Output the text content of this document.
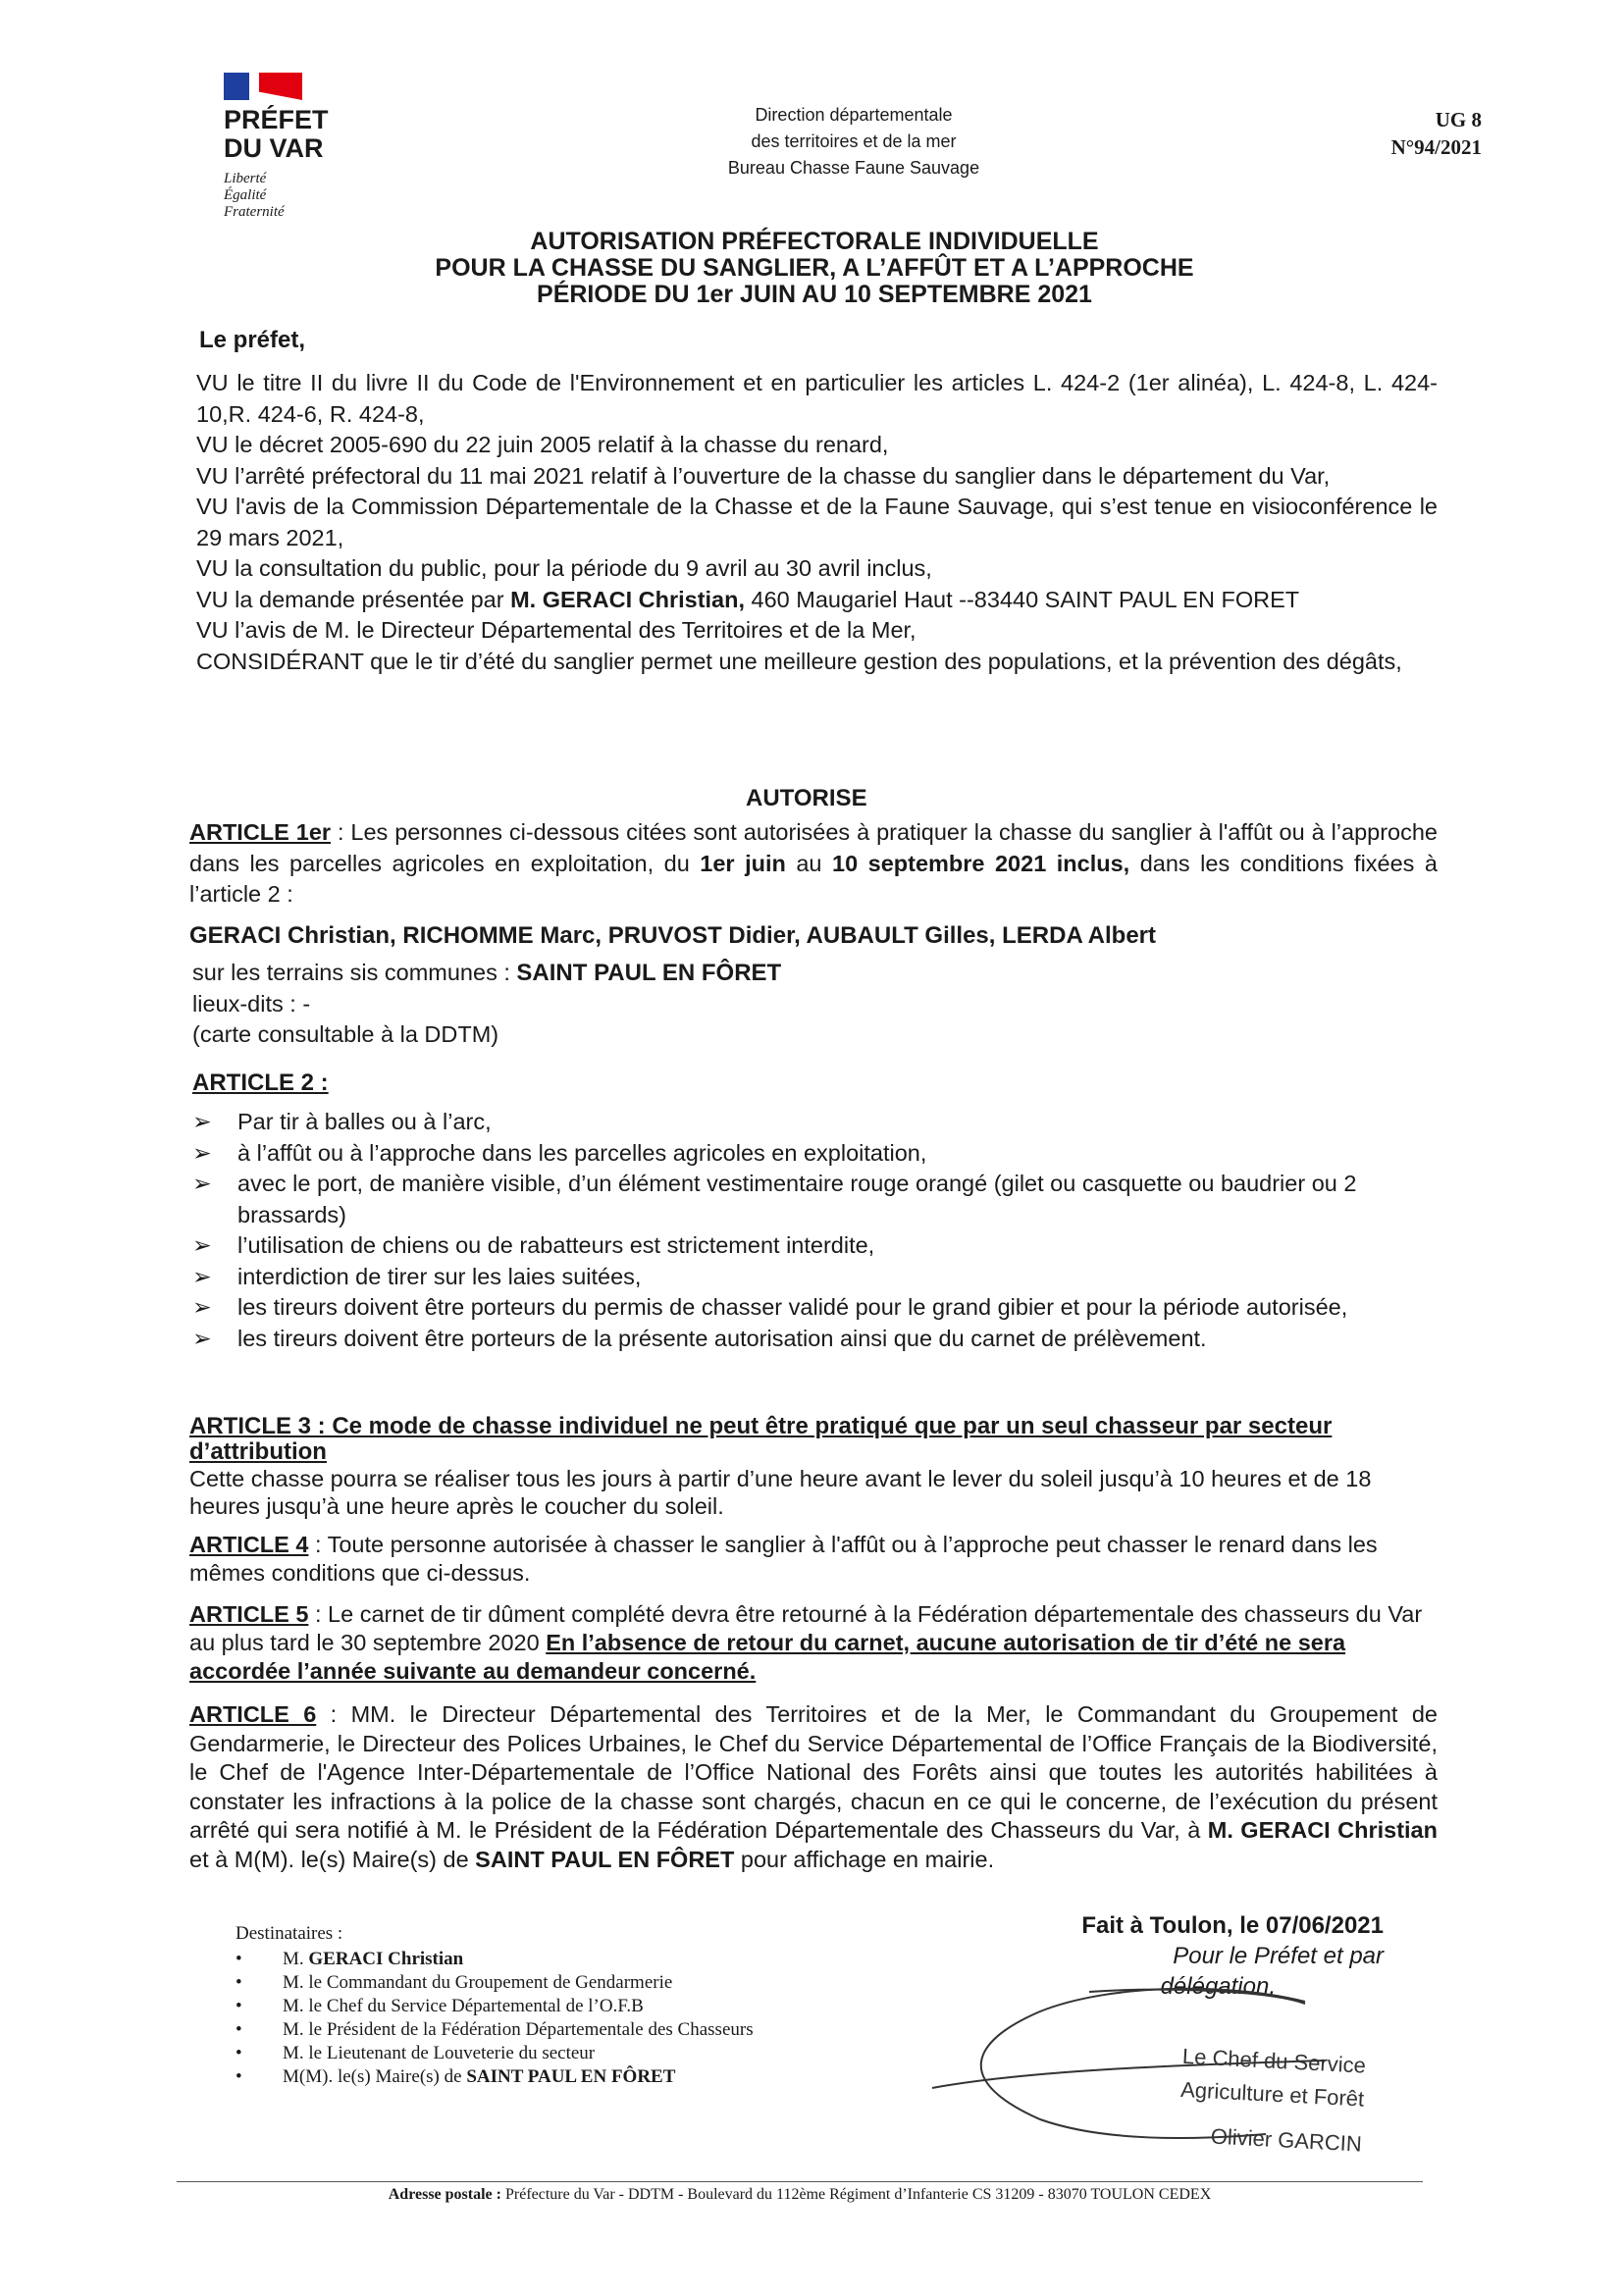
PRÉFET
DU VAR
Liberté
Égalité
Fraternité
Direction départementale
des territoires et de la mer
Bureau Chasse Faune Sauvage
UG 8
N°94/2021
AUTORISATION PRÉFECTORALE INDIVIDUELLE
POUR LA CHASSE DU SANGLIER, A L’AFFÛT ET A L’APPROCHE
PÉRIODE DU 1er JUIN AU 10 SEPTEMBRE 2021
Le préfet,

VU le titre II du livre II du Code de l'Environnement et en particulier les articles L. 424-2 (1er alinéa), L. 424-8, L. 424-10,R. 424-6, R. 424-8,

VU le décret 2005-690 du 22 juin 2005 relatif à la chasse du renard,

VU l’arrêté préfectoral du 11 mai 2021 relatif à l’ouverture de la chasse du sanglier dans le département du Var,

VU l'avis de la Commission Départementale de la Chasse et de la Faune Sauvage, qui s’est tenue en visioconférence le 29 mars 2021,

VU la consultation du public, pour la période du 9 avril au 30 avril inclus,

VU la demande présentée par M. GERACI Christian, 460 Maugariel Haut --83440 SAINT PAUL EN FORET

VU l’avis de M. le Directeur Départemental des Territoires et de la Mer,

CONSIDÉRANT que le tir d’été du sanglier permet une meilleure gestion des populations, et la prévention des dégâts,

AUTORISE
ARTICLE 1er : Les personnes ci-dessous citées sont autorisées à pratiquer la chasse du sanglier à l'affût ou à l’approche dans les parcelles agricoles en exploitation, du 1er juin au 10 septembre 2021 inclus, dans les conditions fixées à l’article 2 :
GERACI Christian, RICHOMME Marc, PRUVOST Didier, AUBAULT Gilles, LERDA Albert
sur les terrains sis communes : SAINT PAUL EN FÔRET
lieux-dits : -
(carte consultable à la DDTM)
ARTICLE 2 :
➢ Par tir à balles ou à l’arc,
➢ à l’affût ou à l’approche dans les parcelles agricoles en exploitation,
➢ avec le port, de manière visible, d’un élément vestimentaire rouge orangé (gilet ou casquette ou baudrier ou 2 brassards)
➢ l’utilisation de chiens ou de rabatteurs est strictement interdite,
➢ interdiction de tirer sur les laies suitées,
➢ les tireurs doivent être porteurs du permis de chasser validé pour le grand gibier et pour la période autorisée,
➢ les tireurs doivent être porteurs de la présente autorisation ainsi que du carnet de prélèvement.
ARTICLE 3 : Ce mode de chasse individuel ne peut être pratiqué que par un seul chasseur par secteur d’attribution
Cette chasse pourra se réaliser tous les jours à partir d’une heure avant le lever du soleil jusqu’à 10 heures et de 18 heures jusqu’à une heure après le coucher du soleil.
ARTICLE 4 : Toute personne autorisée à chasser le sanglier à l'affût ou à l’approche peut chasser le renard dans les mêmes conditions que ci-dessus.
ARTICLE 5 : Le carnet de tir dûment complété devra être retourné à la Fédération départementale des chasseurs du Var au plus tard le 30 septembre 2020 En l’absence de retour du carnet, aucune autorisation de tir d’été ne sera accordée l’année suivante au demandeur concerné.
ARTICLE 6 : MM. le Directeur Départemental des Territoires et de la Mer, le Commandant du Groupement de Gendarmerie, le Directeur des Polices Urbaines, le Chef du Service Départemental de l’Office Français de la Biodiversité, le Chef de l'Agence Inter-Départementale de l’Office National des Forêts ainsi que toutes les autorités habilitées à constater les infractions à la police de la chasse sont chargés, chacun en ce qui le concerne, de l’exécution du présent arrêté qui sera notifié à M. le Président de la Fédération Départementale des Chasseurs du Var, à M. GERACI Christian et à M(M). le(s) Maire(s) de SAINT PAUL EN FÔRET pour affichage en mairie.
Destinataires :
• M. GERACI Christian
• M. le Commandant du Groupement de Gendarmerie
• M. le Chef du Service Départemental de l’O.F.B
• M. le Président de la Fédération Départementale des Chasseurs
• M. le Lieutenant de Louveterie du secteur
• M(M). le(s) Maire(s) de SAINT PAUL EN FÔRET
Fait à Toulon, le 07/06/2021
Pour le Préfet et par
délégation,
Le Chef du Service
Agriculture et Forêt
Olivier GARCIN
Adresse postale : Préfecture du Var - DDTM - Boulevard du 112ème Régiment d’Infanterie CS 31209 - 83070 TOULON CEDEX
